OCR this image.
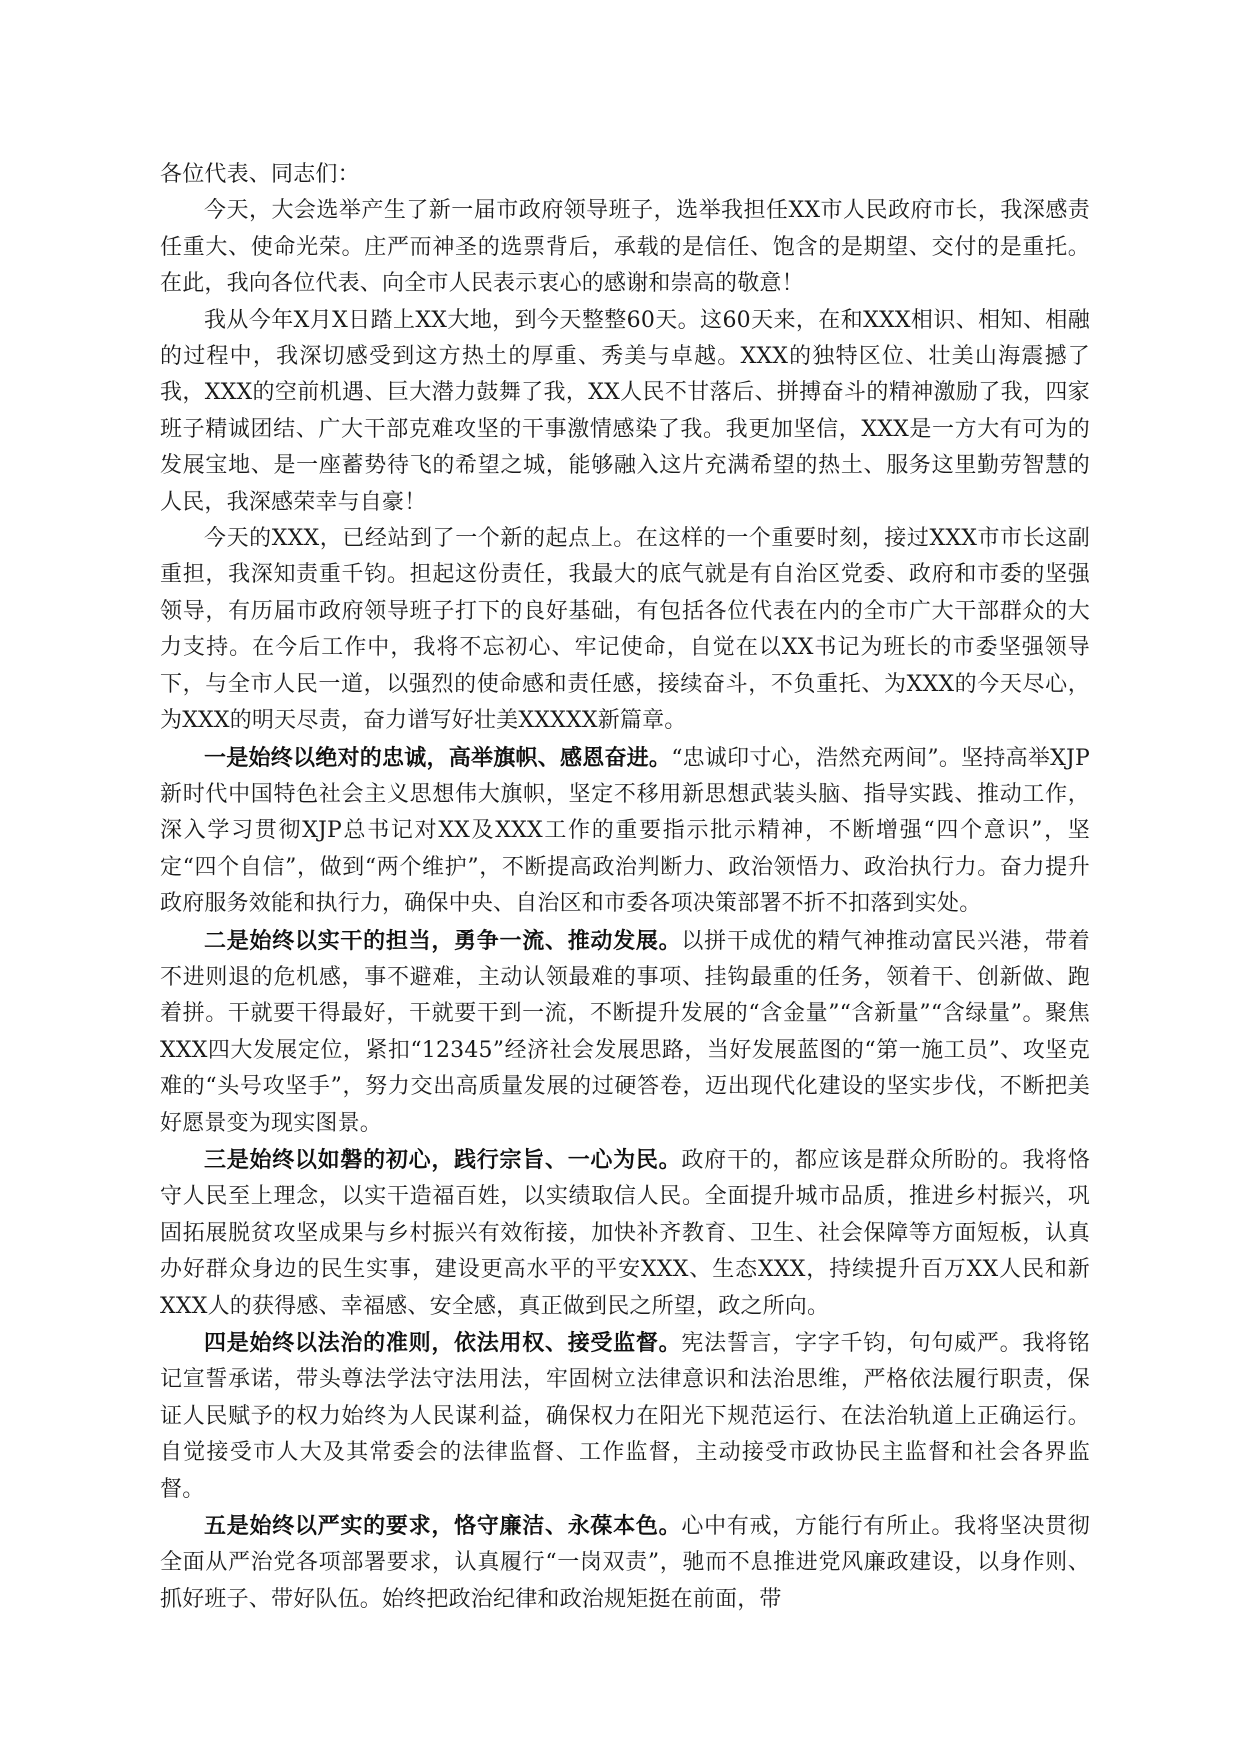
各位代表、同志们：

今天，大会选举产生了新一届市政府领导班子，选举我担任XX市人民政府市长，我深感责任重大、使命光荣。庄严而神圣的选票背后，承载的是信任、饱含的是期望、交付的是重托。在此，我向各位代表、向全市人民表示衷心的感谢和崇高的敬意！

我从今年X月X日踏上XX大地，到今天整整60天。这60天来，在和XXX相识、相知、相融的过程中，我深切感受到这方热土的厚重、秀美与卓越。XXX的独特区位、壮美山海震撼了我，XXX的空前机遇、巨大潜力鼓舞了我，XX人民不甘落后、拼搏奋斗的精神激励了我，四家班子精诚团结、广大干部克难攻坚的干事激情感染了我。我更加坚信，XXX是一方大有可为的发展宝地、是一座蓄势待飞的希望之城，能够融入这片充满希望的热土、服务这里勤劳智慧的人民，我深感荣幸与自豪！

今天的XXX，已经站到了一个新的起点上。在这样的一个重要时刻，接过XXX市市长这副重担，我深知责重千钧。担起这份责任，我最大的底气就是有自治区党委、政府和市委的坚强领导，有历届市政府领导班子打下的良好基础，有包括各位代表在内的全市广大干部群众的大力支持。在今后工作中，我将不忘初心、牢记使命，自觉在以XX书记为班长的市委坚强领导下，与全市人民一道，以强烈的使命感和责任感，接续奋斗，不负重托、为XXX的今天尽心，为XXX的明天尽责，奋力谱写好壮美XXXXX新篇章。

一是始终以绝对的忠诚，高举旗帜、感恩奋进。“忠诚印寸心，浩然充两间”。坚持高举XJP新时代中国特色社会主义思想伟大旗帜，坚定不移用新思想武装头脑、指导实践、推动工作，深入学习贯彻XJP总书记对XX及XXX工作的重要指示批示精神，不断增强“四个意识”，坚定“四个自信”，做到“两个维护”，不断提高政治判断力、政治领悟力、政治执行力。奋力提升政府服务效能和执行力，确保中央、自治区和市委各项决策部署不折不扣落到实处。

二是始终以实干的担当，勇争一流、推动发展。以拼干成优的精气神推动富民兴港，带着不进则退的危机感，事不避难，主动认领最难的事项、挂钩最重的任务，领着干、创新做、跑着拼。干就要干得最好，干就要干到一流，不断提升发展的“含金量”“含新量”“含绿量”。聚焦XXX四大发展定位，紧扣“12345”经济社会发展思路，当好发展蓝图的“第一施工员”、攻坚克难的“头号攻坚手”，努力交出高质量发展的过硬答卷，迈出现代化建设的坚实步伐，不断把美好愿景变为现实图景。

三是始终以如磐的初心，践行宗旨、一心为民。政府干的，都应该是群众所盼的。我将恪守人民至上理念，以实干造福百姓，以实绩取信人民。全面提升城市品质，推进乡村振兴，巩固拓展脱贫攻坚成果与乡村振兴有效衔接，加快补齐教育、卫生、社会保障等方面短板，认真办好群众身边的民生实事，建设更高水平的平安XXX、生态XXX，持续提升百万XX人民和新XXX人的获得感、幸福感、安全感，真正做到民之所望，政之所向。

四是始终以法治的准则，依法用权、接受监督。宪法誓言，字字千钧，句句威严。我将铭记宣誓承诺，带头尊法学法守法用法，牢固树立法律意识和法治思维，严格依法履行职责，保证人民赋予的权力始终为人民谋利益，确保权力在阳光下规范运行、在法治轨道上正确运行。自觉接受市人大及其常委会的法律监督、工作监督，主动接受市政协民主监督和社会各界监督。

五是始终以严实的要求，恪守廉洁、永葆本色。心中有戒，方能行有所止。我将坚决贯彻全面从严治党各项部署要求，认真履行“一岗双责”，驰而不息推进党风廉政建设，以身作则、抓好班子、带好队伍。始终把政治纪律和政治规矩挺在前面，带
